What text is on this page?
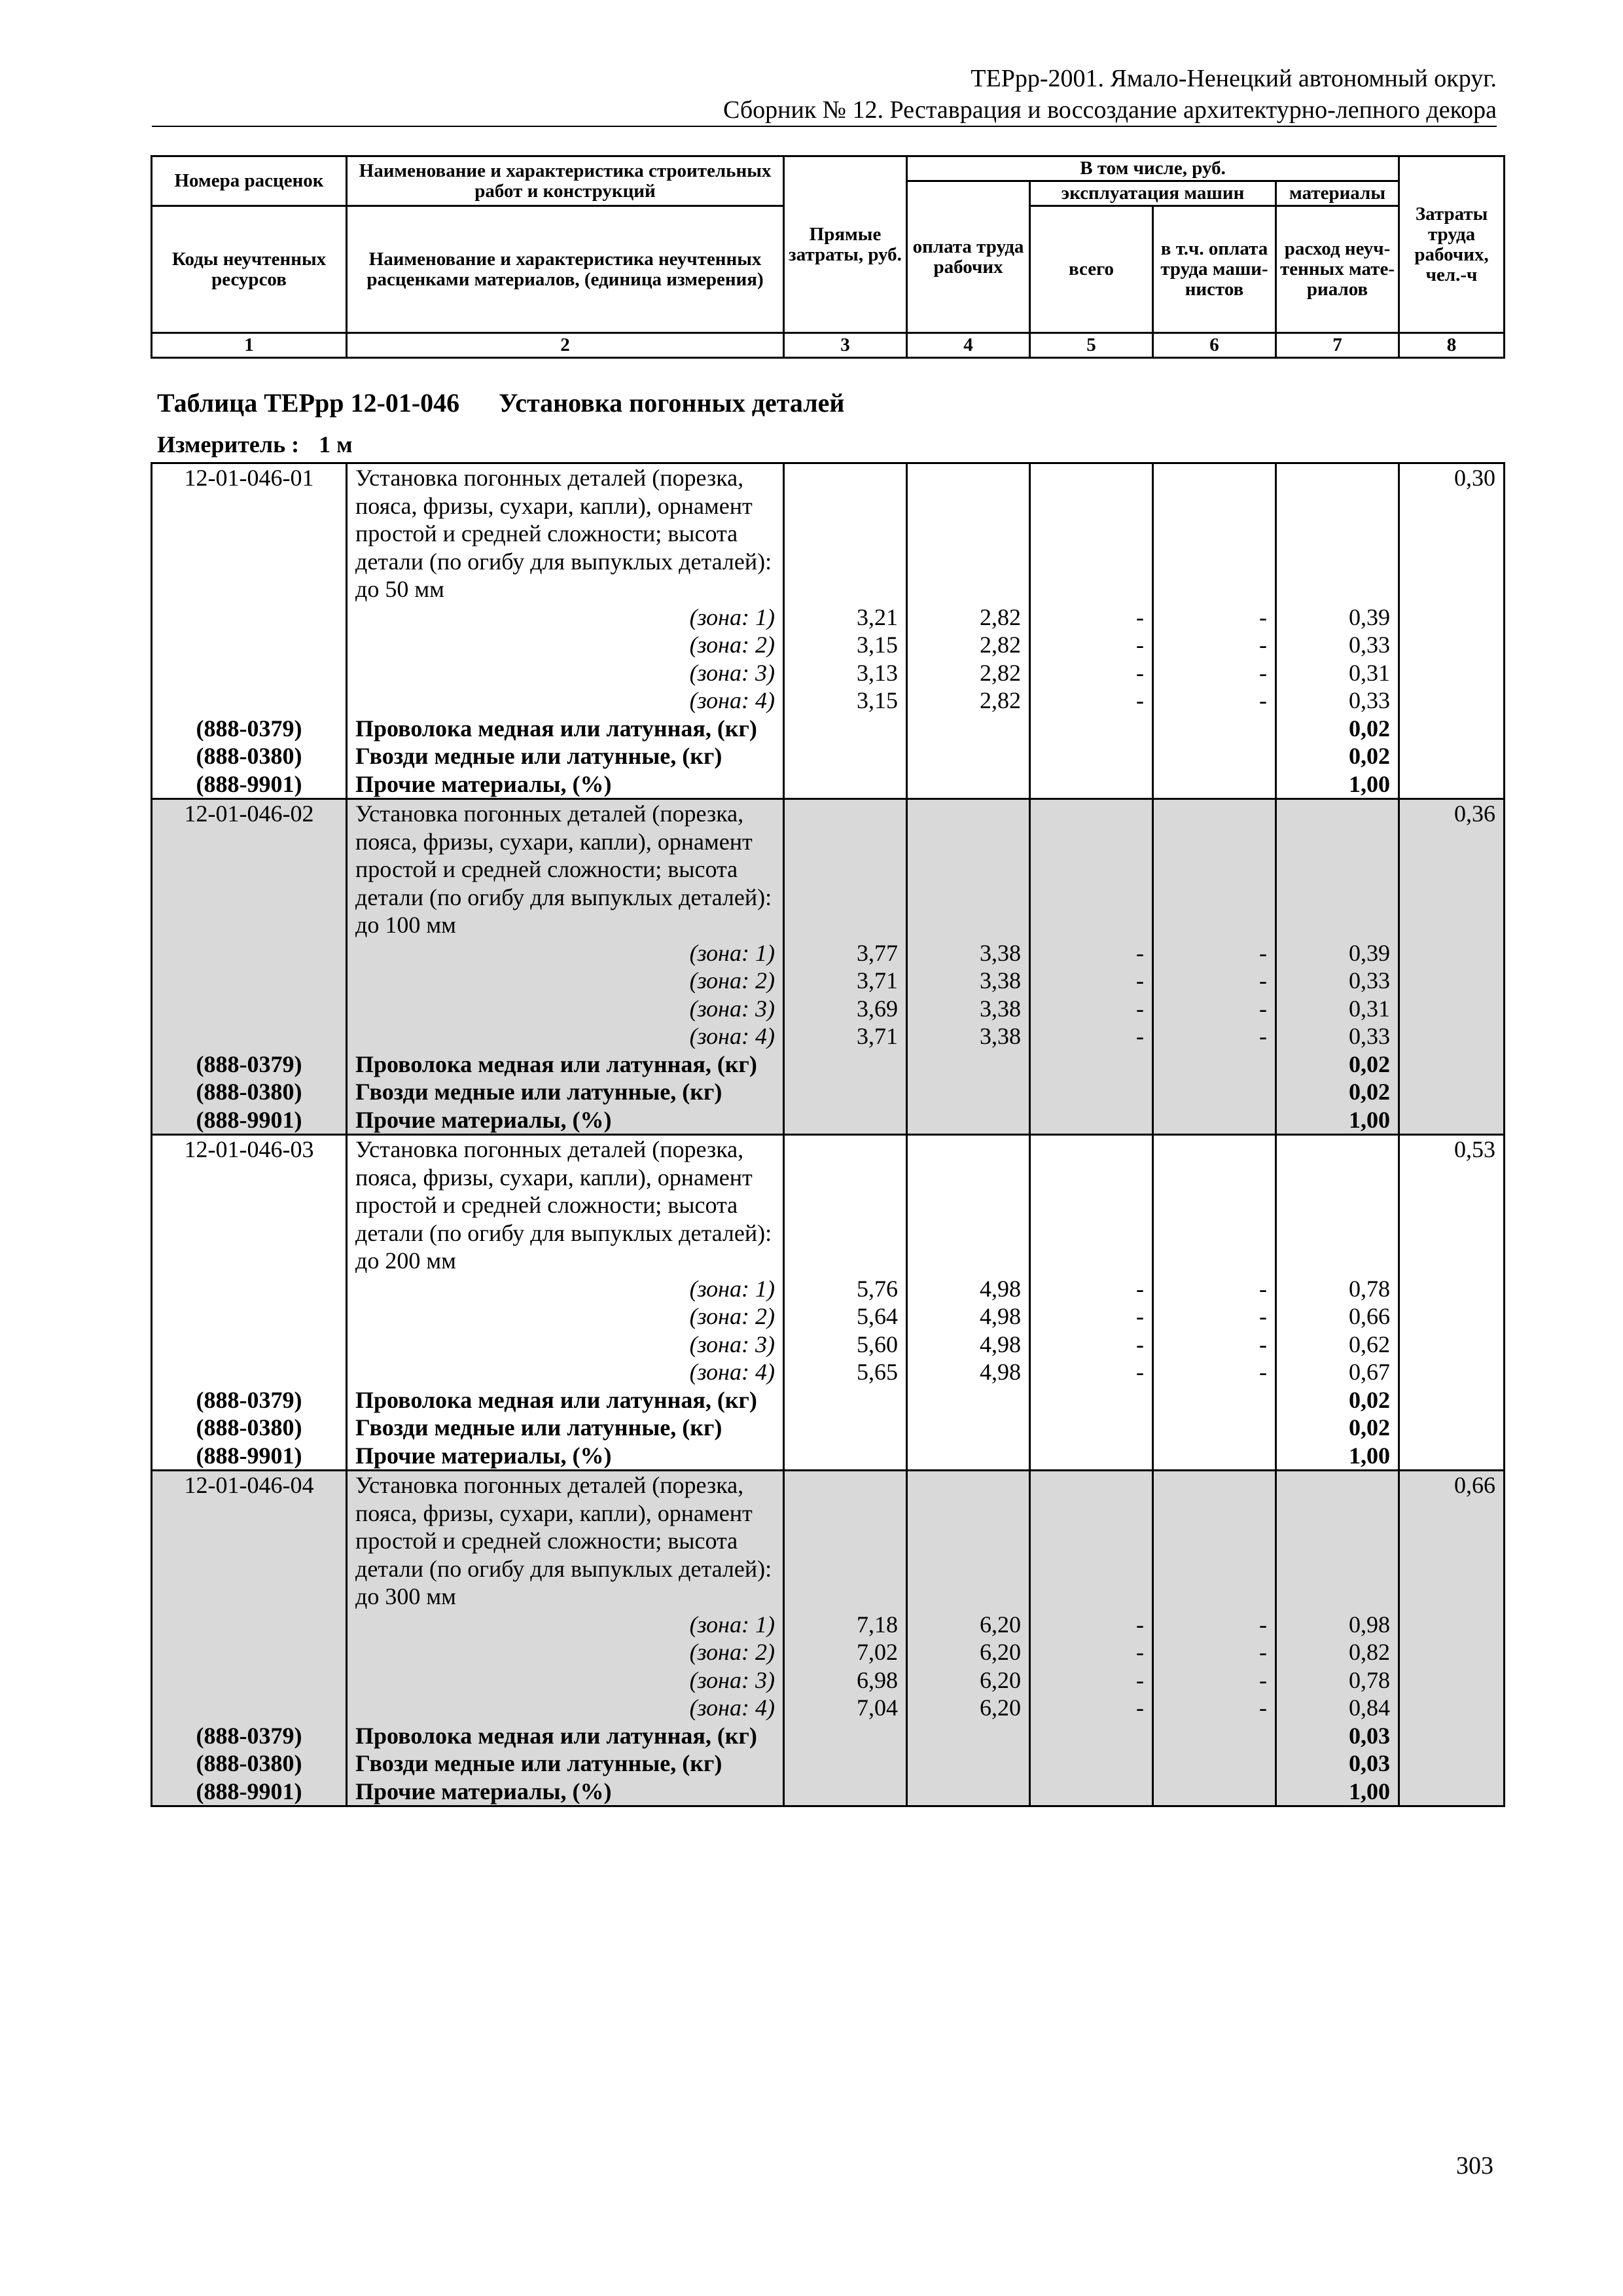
ТЕРрр-2001. Ямало-Ненецкий автономный округ.
Сборник № 12. Реставрация и воссоздание архитектурно-лепного декора
Номера расценок	Наименование и характеристика строительных работ и конструкций	Прямые затраты, руб.	В том числе, руб.				Затраты труда рабочих, чел.-ч
			оплата труда рабочих	эксплуатация машин		материалы	
Коды неучтенных ресурсов	Наименование и характеристика неучтенных расценками материалов, (единица измерения)			всего	в т.ч. оплата труда маши-нистов	расход неуч-тенных мате-риалов	
1	2	3	4	5	6	7	8
Таблица ТЕРрр 12-01-046 Установка погонных деталей
Измеритель : 1 м
12-01-046-01	Установка погонных деталей (порезка, пояса, фризы, сухари, капли), орнамент простой и средней сложности; высота детали (по огибу для выпуклых деталей): до 50 мм						0,30
	(зона: 1)	3,21	2,82	-	-	0,39	
	(зона: 2)	3,15	2,82	-	-	0,33	
	(зона: 3)	3,13	2,82	-	-	0,31	
	(зона: 4)	3,15	2,82	-	-	0,33	
(888-0379)	Проволока медная или латунная, (кг)					0,02	
(888-0380)	Гвозди медные или латунные, (кг)					0,02	
(888-9901)	Прочие материалы, (%)					1,00	
12-01-046-02	Установка погонных деталей (порезка, пояса, фризы, сухари, капли), орнамент простой и средней сложности; высота детали (по огибу для выпуклых деталей): до 100 мм						0,36
	(зона: 1)	3,77	3,38	-	-	0,39	
	(зона: 2)	3,71	3,38	-	-	0,33	
	(зона: 3)	3,69	3,38	-	-	0,31	
	(зона: 4)	3,71	3,38	-	-	0,33	
(888-0379)	Проволока медная или латунная, (кг)					0,02	
(888-0380)	Гвозди медные или латунные, (кг)					0,02	
(888-9901)	Прочие материалы, (%)					1,00	
12-01-046-03	Установка погонных деталей (порезка, пояса, фризы, сухари, капли), орнамент простой и средней сложности; высота детали (по огибу для выпуклых деталей): до 200 мм						0,53
	(зона: 1)	5,76	4,98	-	-	0,78	
	(зона: 2)	5,64	4,98	-	-	0,66	
	(зона: 3)	5,60	4,98	-	-	0,62	
	(зона: 4)	5,65	4,98	-	-	0,67	
(888-0379)	Проволока медная или латунная, (кг)					0,02	
(888-0380)	Гвозди медные или латунные, (кг)					0,02	
(888-9901)	Прочие материалы, (%)					1,00	
12-01-046-04	Установка погонных деталей (порезка, пояса, фризы, сухари, капли), орнамент простой и средней сложности; высота детали (по огибу для выпуклых деталей): до 300 мм						0,66
	(зона: 1)	7,18	6,20	-	-	0,98	
	(зона: 2)	7,02	6,20	-	-	0,82	
	(зона: 3)	6,98	6,20	-	-	0,78	
	(зона: 4)	7,04	6,20	-	-	0,84	
(888-0379)	Проволока медная или латунная, (кг)					0,03	
(888-0380)	Гвозди медные или латунные, (кг)					0,03	
(888-9901)	Прочие материалы, (%)					1,00	
303
